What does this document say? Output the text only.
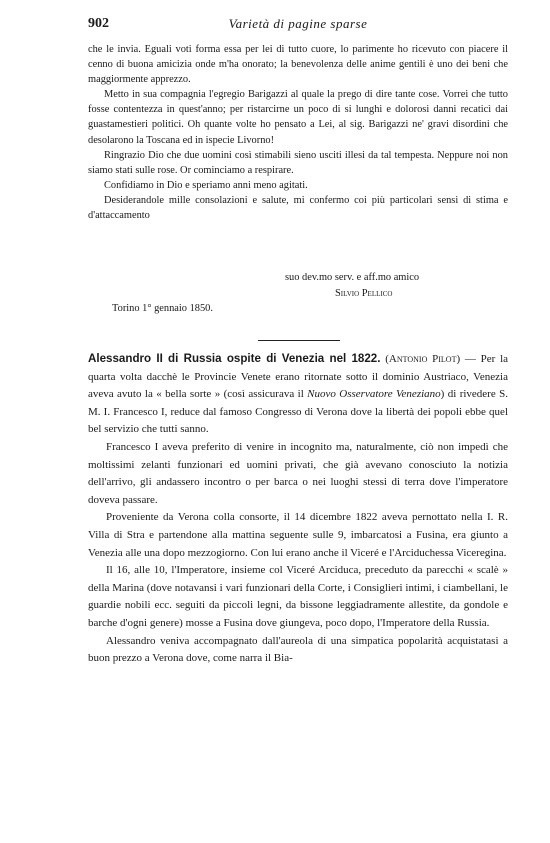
902	Varietà di pagine sparse

che le invia. Eguali voti forma essa per lei di tutto cuore, lo parimente ho ricevuto con piacere il cenno di buona amicizia onde m'ha onorato; la benevolenza delle anime gentili è uno dei beni che maggiormente apprezzo.

Metto in sua compagnia l'egregio Barigazzi al quale la prego di dire tante cose. Vorrei che tutto fosse contentezza in quest'anno; per ristarcirne un poco di si lunghi e dolorosi danni recaticì dai guastamestieri politici. Oh quante volte ho pensato a Lei, al sig. Barigazzi ne' gravi disordini che desolarono la Toscana ed in ispecie Livorno!

Ringrazio Dio che due uomini così stimabili sieno usciti illesi da tal tempesta. Neppure noi non siamo stati sulle rose. Or cominciamo a respirare.

Confidiamo in Dio e speriamo anni meno agitati.

Desiderandole mille consolazioni e salute, mi confermo coi più particolari sensi di stima e d'attaccamento

suo dev.mo serv. e aff.mo amico
Silvio Pellico
Torino 1° gennaio 1850.

Alessandro II di Russia ospite di Venezia nel 1822. (Antonio Pilot) — Per la quarta volta dacchè le Provincie Venete erano ritornate sotto il dominio Austriaco, Venezia aveva avuto la « bella sorte » (così assicurava il Nuovo Osservatore Veneziano) di rivedere S. M. I. Francesco I, reduce dal famoso Congresso di Verona dove la libertà dei popoli ebbe quel bel servizio che tutti sanno.

Francesco I aveva preferito di venire in incognito ma, naturalmente, ciò non impedì che moltissimi zelanti funzionari ed uomini privati, che già avevano conosciuto la notizia dell'arrivo, gli andassero incontro o per barca o nei luoghi stessi di terra dove l'imperatore doveva passare.

Proveniente da Verona colla consorte, il 14 dicembre 1822 aveva pernottato nella I. R. Villa di Stra e partendone alla mattina seguente sulle 9, imbarcatosi a Fusina, era giunto a Venezia alle una dopo mezzogiorno. Con lui erano anche il Viceré e l'Arciduchessa Viceregina.

Il 16, alle 10, l'Imperatore, insieme col Viceré Arciduca, preceduto da parecchi « scalè » della Marina (dove notavansi i vari funzionari della Corte, i Consiglieri intimi, i ciambellani, le guardie nobili ecc. seguiti da piccoli legni, da bissone leggiadramente allestite, da gondole e barche d'ogni genere) mosse a Fusina dove giungeva, poco dopo, l'Imperatore della Russia.

Alessandro veniva accompagnato dall'aureola di una simpatica popolarità acquistatasi a buon prezzo a Verona dove, come narra il Bia-
